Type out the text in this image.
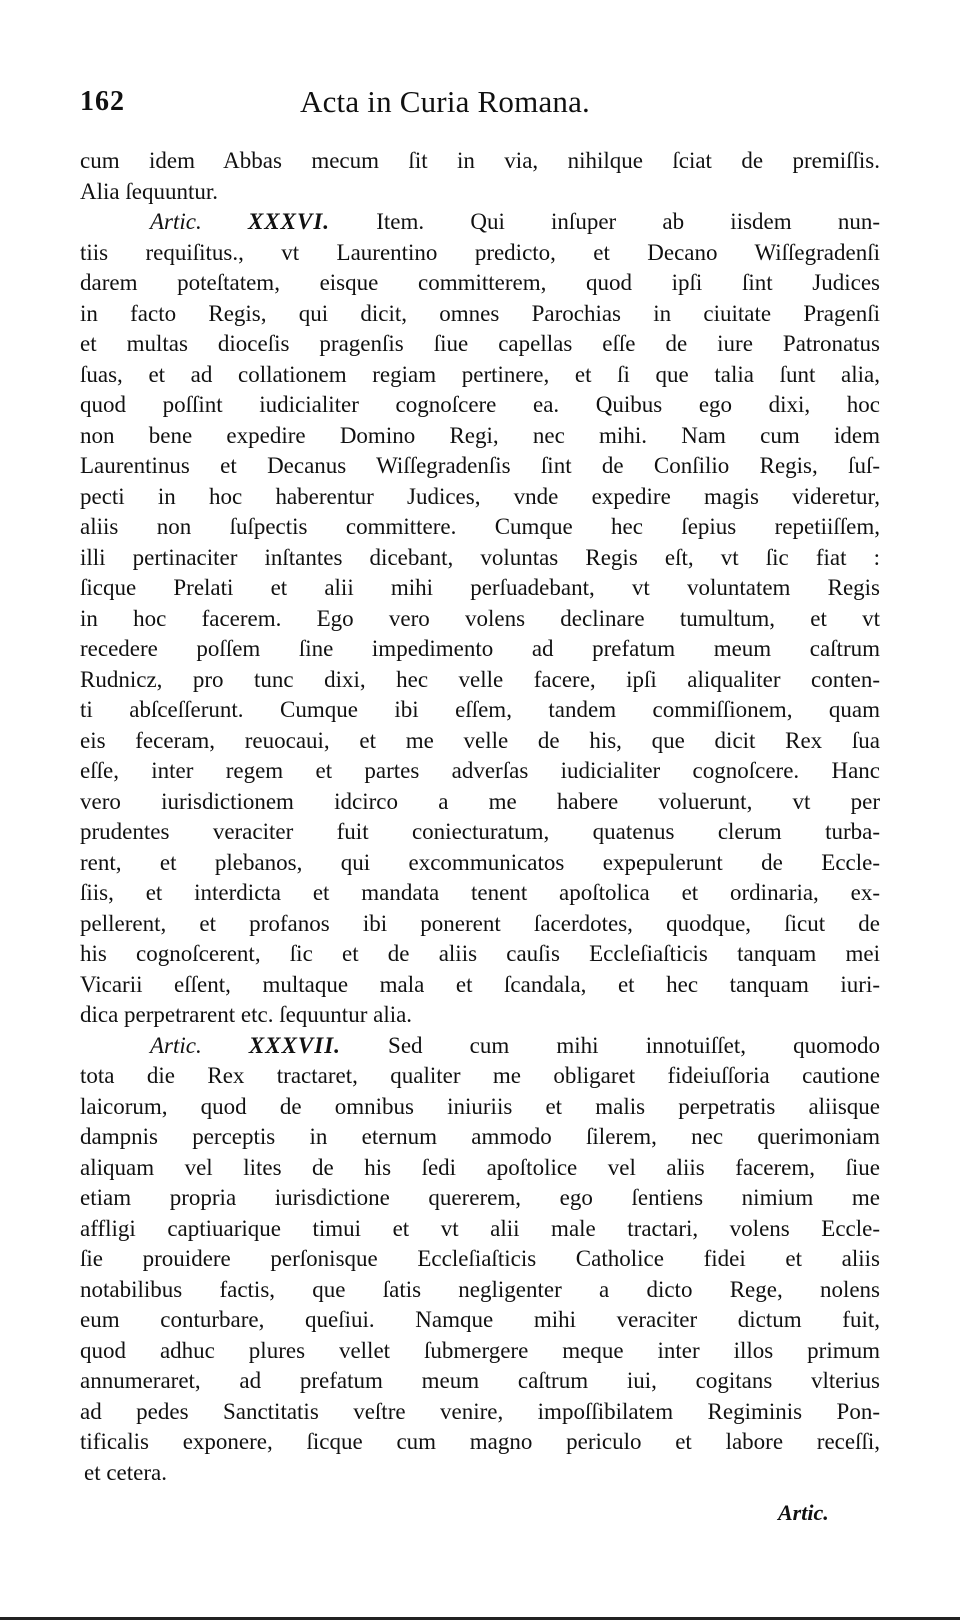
162	Acta in Curia Romana.
cum idem Abbas mecum ſit in via, nihilque ſciat de premiſſis.
Alia ſequuntur.
Artic. XXXVI. Item. Qui inſuper ab iisdem nun-
tiis requiſitus., vt Laurentino predicto, et Decano Wiſſegradenſi
darem poteſtatem, eisque committerem, quod ipſi ſint Judices
in facto Regis, qui dicit, omnes Parochias in ciuitate Pragenſi
et multas dioceſis pragenſis ſiue capellas eſſe de iure Patronatus
ſuas, et ad collationem regiam pertinere, et ſi que talia ſunt alia,
quod poſſint iudicialiter cognoſcere ea. Quibus ego dixi, hoc
non bene expedire Domino Regi, nec mihi. Nam cum idem
Laurentinus et Decanus Wiſſegradenſis ſint de Conſilio Regis, ſuſ-
pecti in hoc haberentur Judices, vnde expedire magis videretur,
aliis non ſuſpectis committere. Cumque hec ſepius repetiiſſem,
illi pertinaciter inſtantes dicebant, voluntas Regis eſt, vt ſic fiat :
ſicque Prelati et alii mihi perſuadebant, vt voluntatem Regis
in hoc facerem. Ego vero volens declinare tumultum, et vt
recedere poſſem ſine impedimento ad prefatum meum caſtrum
Rudnicz, pro tunc dixi, hec velle facere, ipſi aliqualiter conten-
ti abſceſſerunt. Cumque ibi eſſem, tandem commiſſionem, quam
eis feceram, reuocaui, et me velle de his, que dicit Rex ſua
eſſe, inter regem et partes adverſas iudicialiter cognoſcere. Hanc
vero iurisdictionem idcirco a me habere voluerunt, vt per
prudentes veraciter fuit coniecturatum, quatenus clerum turba-
rent, et plebanos, qui excommunicatos expepulerunt de Eccle-
ſiis, et interdicta et mandata tenent apoſtolica et ordinaria, ex-
pellerent, et profanos ibi ponerent ſacerdotes, quodque, ſicut de
his cognoſcerent, ſic et de aliis cauſis Eccleſiaſticis tanquam mei
Vicarii eſſent, multaque mala et ſcandala, et hec tanquam iuri-
dica perpetrarent etc. ſequuntur alia.
Artic. XXXVII. Sed cum mihi innotuiſſet, quomodo
tota die Rex tractaret, qualiter me obligaret fideiuſſoria cautione
laicorum, quod de omnibus iniuriis et malis perpetratis aliisque
dampnis perceptis in eternum ammodo ſilerem, nec querimoniam
aliquam vel lites de his ſedi apoſtolice vel aliis facerem, ſiue
etiam propria iurisdictione quererem, ego ſentiens nimium me
affligi captiuarique timui et vt alii male tractari, volens Eccle-
ſie prouidere perſonisque Eccleſiaſticis Catholice fidei et aliis
notabilibus factis, que ſatis negligenter a dicto Rege, nolens
eum conturbare, queſiui. Namque mihi veraciter dictum fuit,
quod adhuc plures vellet ſubmergere meque inter illos primum
annumeraret, ad prefatum meum caſtrum iui, cogitans vlterius
ad pedes Sanctitatis veſtre venire, impoſſibilatem Regiminis Pon-
tificalis exponere, ſicque cum magno periculo et labore receſſi,
et cetera.
Artic.
